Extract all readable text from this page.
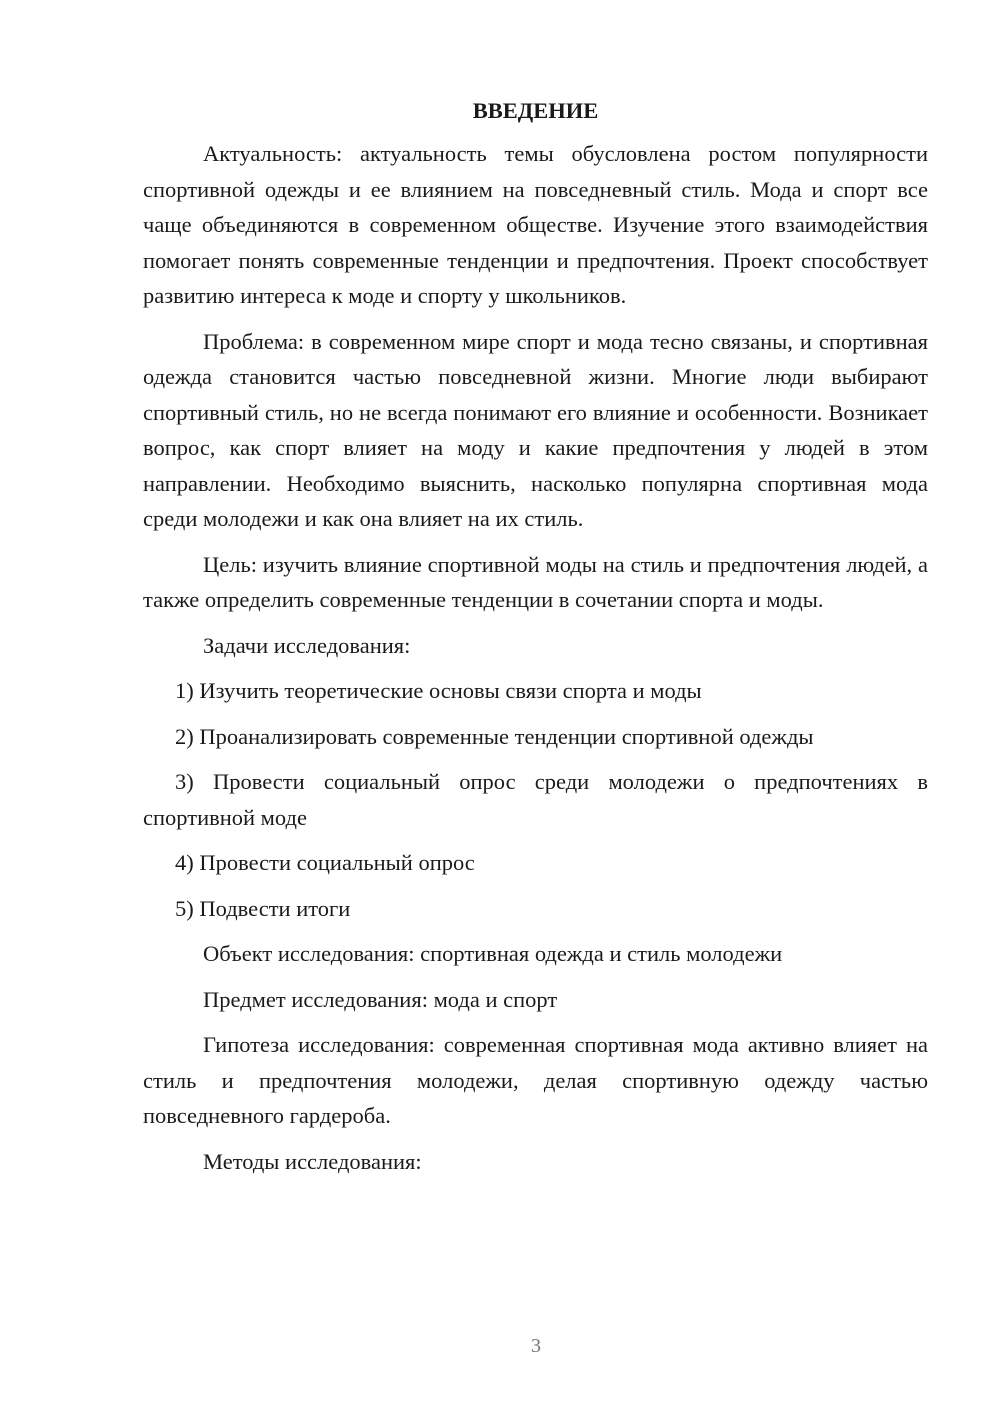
ВВЕДЕНИЕ

Актуальность: актуальность темы обусловлена ростом популярности спортивной одежды и ее влиянием на повседневный стиль. Мода и спорт все чаще объединяются в современном обществе. Изучение этого взаимодействия помогает понять современные тенденции и предпочтения. Проект способствует развитию интереса к моде и спорту у школьников.

Проблема: в современном мире спорт и мода тесно связаны, и спортивная одежда становится частью повседневной жизни. Многие люди выбирают спортивный стиль, но не всегда понимают его влияние и особенности. Возникает вопрос, как спорт влияет на моду и какие предпочтения у людей в этом направлении. Необходимо выяснить, насколько популярна спортивная мода среди молодежи и как она влияет на их стиль.

Цель: изучить влияние спортивной моды на стиль и предпочтения людей, а также определить современные тенденции в сочетании спорта и моды.

Задачи исследования:

1) Изучить теоретические основы связи спорта и моды

2) Проанализировать современные тенденции спортивной одежды

3) Провести социальный опрос среди молодежи о предпочтениях в спортивной моде

4) Провести социальный опрос

5) Подвести итоги

Объект исследования: спортивная одежда и стиль молодежи

Предмет исследования: мода и спорт

Гипотеза исследования: современная спортивная мода активно влияет на стиль и предпочтения молодежи, делая спортивную одежду частью повседневного гардероба.

Методы исследования:

3
